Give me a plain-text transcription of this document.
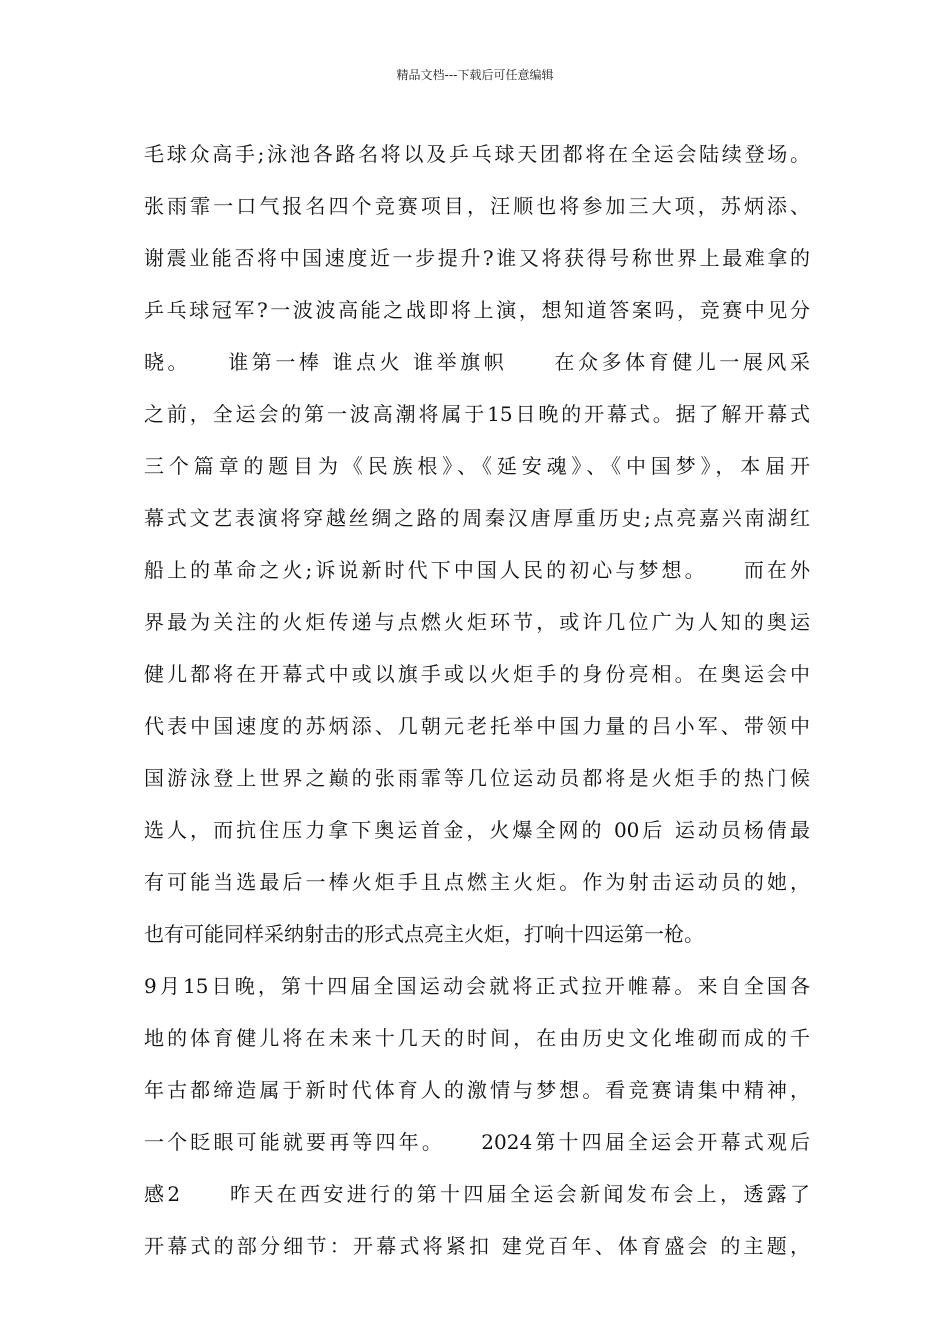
精品文档---下载后可任意编辑
毛球众高手;泳池各路名将以及乒乓球天团都将在全运会陆续登场。
张雨霏一口气报名四个竞赛项目，汪顺也将参加三大项，苏炳添、
谢震业能否将中国速度近一步提升?谁又将获得号称世界上最难拿的
乒乓球冠军?一波波高能之战即将上演，想知道答案吗，竞赛中见分
晓。　　谁第一棒 谁点火 谁举旗帜　　在众多体育健儿一展风采
之前，全运会的第一波高潮将属于15日晚的开幕式。据了解开幕式
三个篇章的题目为《民族根》、《延安魂》、《中国梦》，本届开
幕式文艺表演将穿越丝绸之路的周秦汉唐厚重历史;点亮嘉兴南湖红
船上的革命之火;诉说新时代下中国人民的初心与梦想。　　而在外
界最为关注的火炬传递与点燃火炬环节，或许几位广为人知的奥运
健儿都将在开幕式中或以旗手或以火炬手的身份亮相。在奥运会中
代表中国速度的苏炳添、几朝元老托举中国力量的吕小军、带领中
国游泳登上世界之巅的张雨霏等几位运动员都将是火炬手的热门候
选人，而抗住压力拿下奥运首金，火爆全网的 00后 运动员杨倩最
有可能当选最后一棒火炬手且点燃主火炬。作为射击运动员的她，
也有可能同样采纳射击的形式点亮主火炬，打响十四运第一枪。
9月15日晚，第十四届全国运动会就将正式拉开帷幕。来自全国各
地的体育健儿将在未来十几天的时间，在由历史文化堆砌而成的千
年古都缔造属于新时代体育人的激情与梦想。看竞赛请集中精神，
一个眨眼可能就要再等四年。　　2024第十四届全运会开幕式观后
感2　　昨天在西安进行的第十四届全运会新闻发布会上，透露了
开幕式的部分细节：开幕式将紧扣 建党百年、体育盛会 的主题，
